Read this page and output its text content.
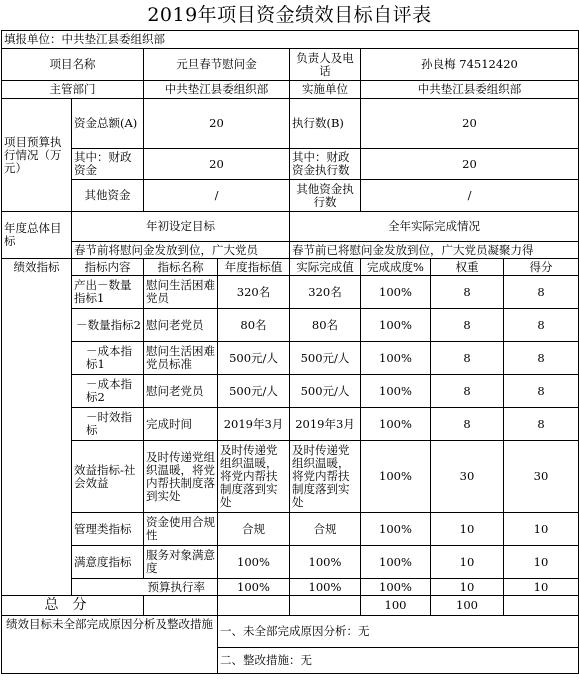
2019年项目资金绩效目标自评表
填报单位：中共垫江县委组织部							
项目名称		元旦春节慰问金		负责人及电话	孙良梅 74512420		
主管部门		中共垫江县委组织部		实施单位	中共垫江县委组织部		
项目预算执行情况（万元）	资金总额(A)	20		执行数(B)	20		
	其中：财政资金	20		其中：财政资金执行数	20		
	其他资金	/		其他资金执行数	/		
年度总体目标	年初设定目标			全年实际完成情况			
	春节前将慰问金发放到位，广大党员			春节前已将慰问金发放到位，广大党员凝聚力得			
绩效指标	指标内容	指标名称	年度指标值	实际完成值	完成成度%	权重	得分
	产出－数量指标1	慰问生活困难党员	320名	320名	100%	8	8
	－数量指标2	慰问老党员	80名	80名	100%	8	8
	－成本指标1	慰问生活困难党员标准	500元/人	500元/人	100%	8	8
	－成本指标2	慰问老党员	500元/人	500元/人	100%	8	8
	－时效指标	完成时间	2019年3月	2019年3月	100%	8	8
	效益指标-社会效益	及时传递党组织温暖，将党内帮扶制度落到实处	及时传递党组织温暖，将党内帮扶制度落到实处	及时传递党组织温暖，将党内帮扶制度落到实处	100%	30	30
	管理类指标	资金使用合规性	合规	合规	100%	10	10
	满意度指标	服务对象满意度	100%	100%	100%	10	10
	预算执行率		100%	100%	100%	10	10
总分					100	100	
绩效目标未全部完成原因分析及整改措施			一、未全部完成原因分析：无				
			二、整改措施：无				
